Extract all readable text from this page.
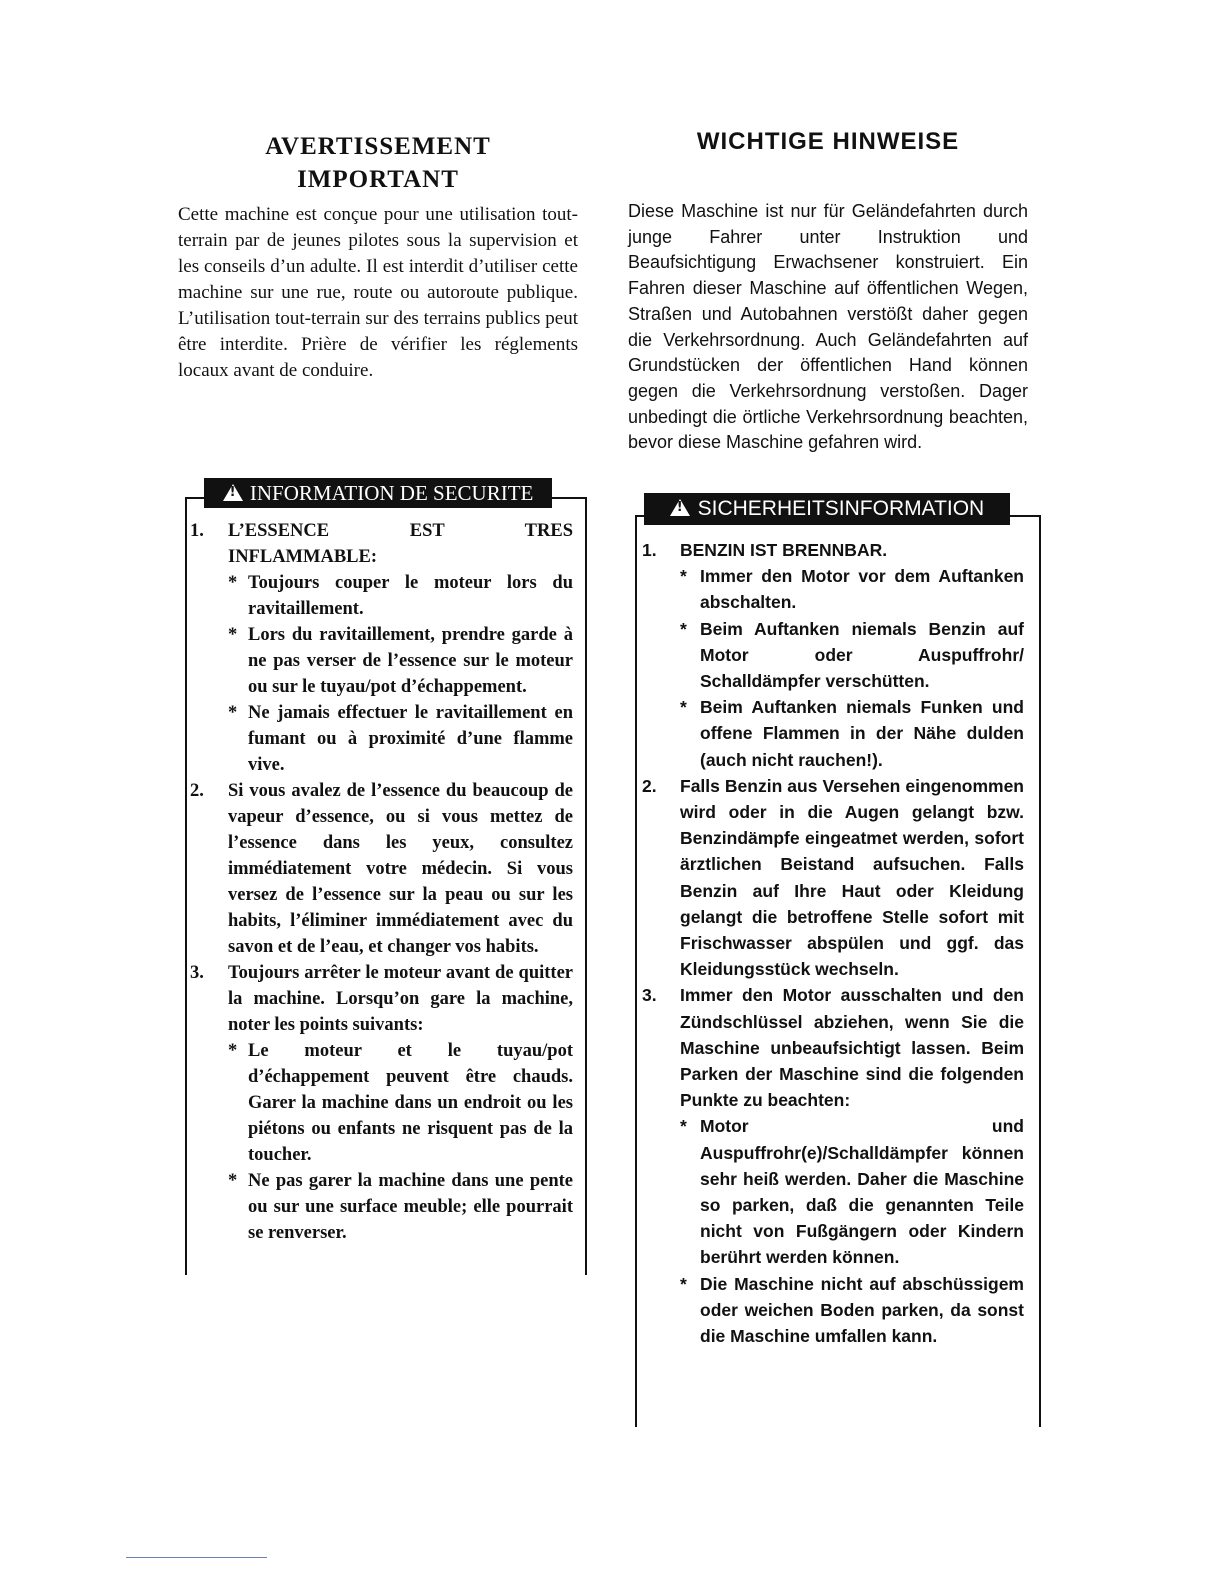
AVERTISSEMENT
IMPORTANT

Cette machine est conçue pour une utilisation tout-terrain par de jeunes pilotes sous la supervision et les conseils d’un adulte. Il est interdit d’utiliser cette machine sur une rue, route ou autoroute publique. L’utilisation tout-terrain sur des terrains publics peut être interdite. Prière de vérifier les réglements locaux avant de conduire.

! INFORMATION DE SECURITE
1. L’ESSENCE EST TRES INFLAMMABLE:
* Toujours couper le moteur lors du ravitaillement.
* Lors du ravitaillement, prendre garde à ne pas verser de l’essence sur le moteur ou sur le tuyau/pot d’échappement.
* Ne jamais effectuer le ravitaillement en fumant ou à proximité d’une flamme vive.
2. Si vous avalez de l’essence du beaucoup de vapeur d’essence, ou si vous mettez de l’essence dans les yeux, consultez immédiatement votre médecin. Si vous versez de l’essence sur la peau ou sur les habits, l’éliminer immédiatement avec du savon et de l’eau, et changer vos habits.
3. Toujours arrêter le moteur avant de quitter la machine. Lorsqu’on gare la machine, noter les points suivants:
* Le moteur et le tuyau/pot d’échappement peuvent être chauds. Garer la machine dans un endroit ou les piétons ou enfants ne risquent pas de la toucher.
* Ne pas garer la machine dans une pente ou sur une surface meuble; elle pourrait se renverser.
WICHTIGE HINWEISE

Diese Maschine ist nur für Geländefahrten durch junge Fahrer unter Instruktion und Beaufsichtigung Erwachsener konstruiert. Ein Fahren dieser Maschine auf öffentlichen Wegen, Straßen und Autobahnen verstößt daher gegen die Verkehrsordnung. Auch Geländefahrten auf Grundstücken der öffentlichen Hand können gegen die Verkehrsordnung verstoßen. Dager unbedingt die örtliche Verkehrsordnung beachten, bevor diese Maschine gefahren wird.

! SICHERHEITSINFORMATION
1. BENZIN IST BRENNBAR.
* Immer den Motor vor dem Auftanken abschalten.
* Beim Auftanken niemals Benzin auf Motor oder Auspuffrohr/ Schalldämpfer verschütten.
* Beim Auftanken niemals Funken und offene Flammen in der Nähe dulden (auch nicht rauchen!).
2. Falls Benzin aus Versehen eingenommen wird oder in die Augen gelangt bzw. Benzindämpfe eingeatmet werden, sofort ärztlichen Beistand aufsuchen. Falls Benzin auf Ihre Haut oder Kleidung gelangt die betroffene Stelle sofort mit Frischwasser abspülen und ggf. das Kleidungsstück wechseln.
3. Immer den Motor ausschalten und den Zündschlüssel abziehen, wenn Sie die Maschine unbeaufsichtigt lassen. Beim Parken der Maschine sind die folgenden Punkte zu beachten:
* Motor und Auspuffrohr(e)/Schalldämpfer können sehr heiß werden. Daher die Maschine so parken, daß die genannten Teile nicht von Fußgängern oder Kindern berührt werden können.
* Die Maschine nicht auf abschüssigem oder weichen Boden parken, da sonst die Maschine umfallen kann.
